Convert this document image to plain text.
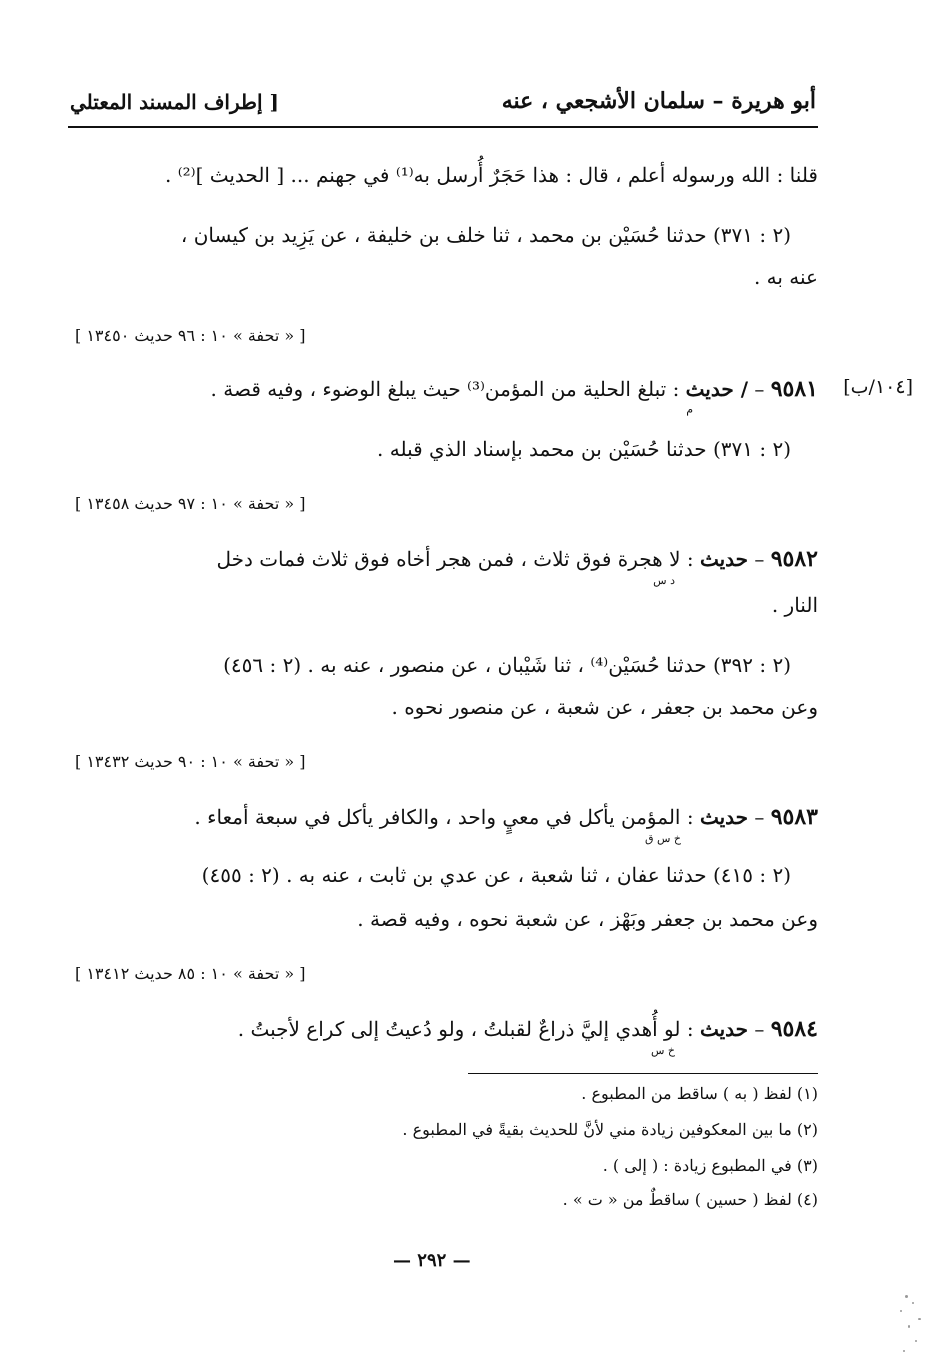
أبو هريرة – سلمان الأشجعي ، عنه
[ إطراف المسند المعتلي
قلنا : الله ورسوله أعلم ، قال : هذا حَجَرٌ أُرسل به⁽¹⁾ في جهنم ... [ الحديث ]⁽²⁾ .
(٢ : ٣٧١) حدثنا حُسَيْن بن محمد ، ثنا خلف بن خليفة ، عن يَزِيد بن كيسان ،
عنه به .
[ « تحفة » ١٠ : ٩٦ حديث ١٣٤٥٠ ]
[١٠٤/ب]
٩٥٨١ – / حديث : تبلغ الحلية من المؤمن⁽³⁾ حيث يبلغ الوضوء ، وفيه قصة .
م
(٢ : ٣٧١) حدثنا حُسَيْن بن محمد بإسناد الذي قبله .
[ « تحفة » ١٠ : ٩٧ حديث ١٣٤٥٨ ]
٩٥٨٢ – حديث : لا هجرة فوق ثلاث ، فمن هجر أخاه فوق ثلاث فمات دخل
د س
النار .
(٢ : ٣٩٢) حدثنا حُسَيْن⁽⁴⁾ ، ثنا شَيْبان ، عن منصور ، عنه به . (٢ : ٤٥٦)
وعن محمد بن جعفر ، عن شعبة ، عن منصور نحوه .
[ « تحفة » ١٠ : ٩٠ حديث ١٣٤٣٢ ]
٩٥٨٣ – حديث : المؤمن يأكل في معيٍ واحد ، والكافر يأكل في سبعة أمعاء .
خ س ق
(٢ : ٤١٥) حدثنا عفان ، ثنا شعبة ، عن عدي بن ثابت ، عنه به . (٢ : ٤٥٥)
وعن محمد بن جعفر وبَهْز ، عن شعبة نحوه ، وفيه قصة .
[ « تحفة » ١٠ : ٨٥ حديث ١٣٤١٢ ]
٩٥٨٤ – حديث : لو أُهدي إليَّ ذراعٌ لقبلتُ ، ولو دُعيتُ إلى كراع لأجبتُ .
خ س
(١) لفظ ( به ) ساقط من المطبوع .
(٢) ما بين المعكوفين زيادة مني لأنَّ للحديث بقيةً في المطبوع .
(٣) في المطبوع زيادة : ( إلى ) .
(٤) لفظ ( حسين ) ساقطٌ من « ت » .
— ٢٩٢ —
